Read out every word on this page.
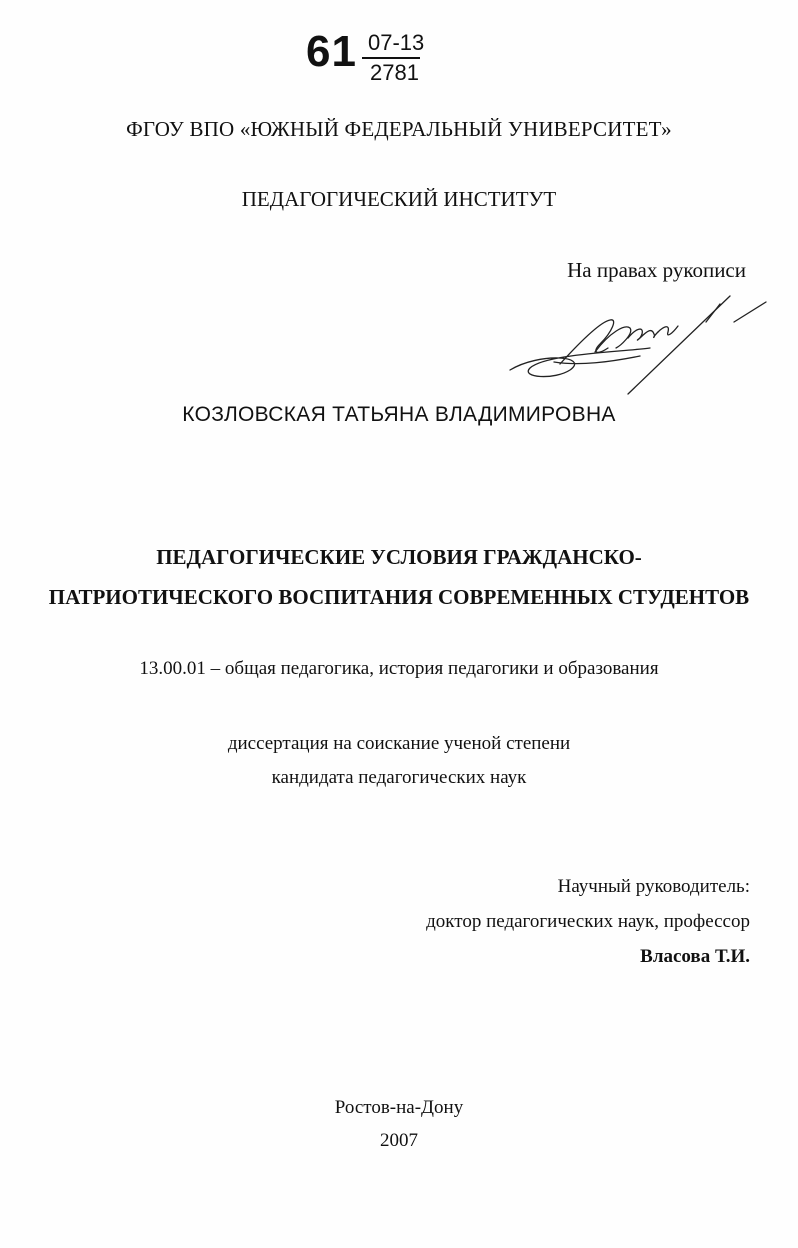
61 07-13
2781
ФГОУ ВПО «ЮЖНЫЙ ФЕДЕРАЛЬНЫЙ УНИВЕРСИТЕТ»
ПЕДАГОГИЧЕСКИЙ ИНСТИТУТ
На правах рукописи
КОЗЛОВСКАЯ ТАТЬЯНА ВЛАДИМИРОВНА
ПЕДАГОГИЧЕСКИЕ УСЛОВИЯ ГРАЖДАНСКО-
ПАТРИОТИЧЕСКОГО ВОСПИТАНИЯ СОВРЕМЕННЫХ СТУДЕНТОВ
13.00.01 – общая педагогика, история педагогики и образования
диссертация на соискание ученой степени
кандидата педагогических наук
Научный руководитель:
доктор педагогических наук, профессор
Власова Т.И.
Ростов-на-Дону
2007
